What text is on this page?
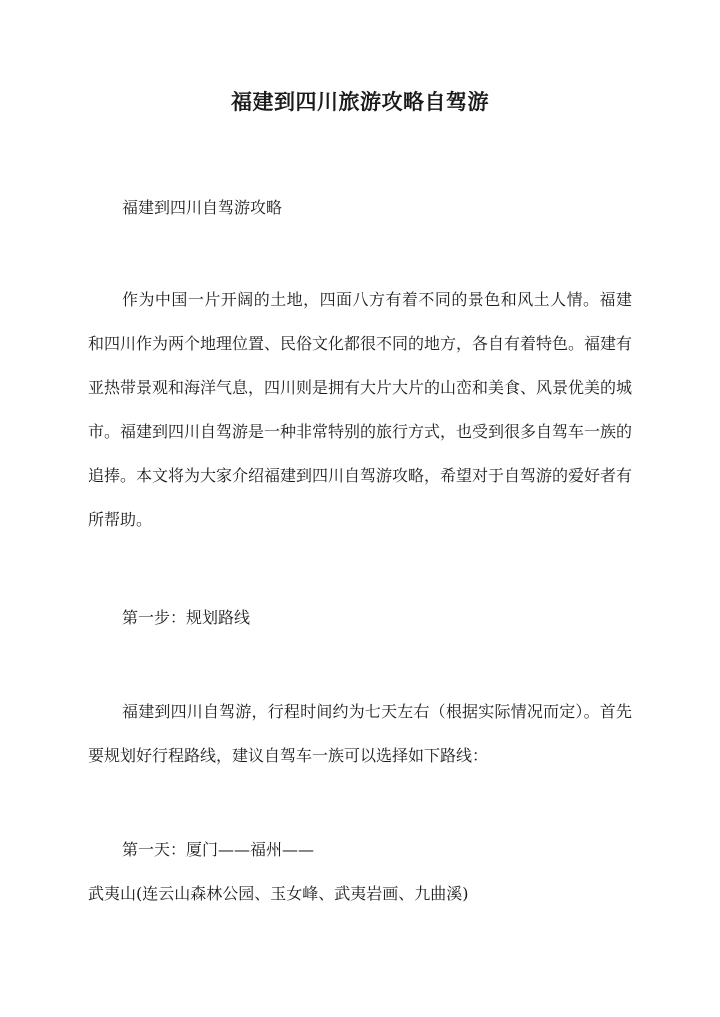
福建到四川旅游攻略自驾游
福建到四川自驾游攻略
作为中国一片开阔的土地，四面八方有着不同的景色和风土人情。福建和四川作为两个地理位置、民俗文化都很不同的地方，各自有着特色。福建有亚热带景观和海洋气息，四川则是拥有大片大片的山峦和美食、风景优美的城市。福建到四川自驾游是一种非常特别的旅行方式，也受到很多自驾车一族的追捧。本文将为大家介绍福建到四川自驾游攻略，希望对于自驾游的爱好者有所帮助。
第一步：规划路线
福建到四川自驾游，行程时间约为七天左右（根据实际情况而定）。首先要规划好行程路线，建议自驾车一族可以选择如下路线：
第一天：厦门——福州——
武夷山(连云山森林公园、玉女峰、武夷岩画、九曲溪)
